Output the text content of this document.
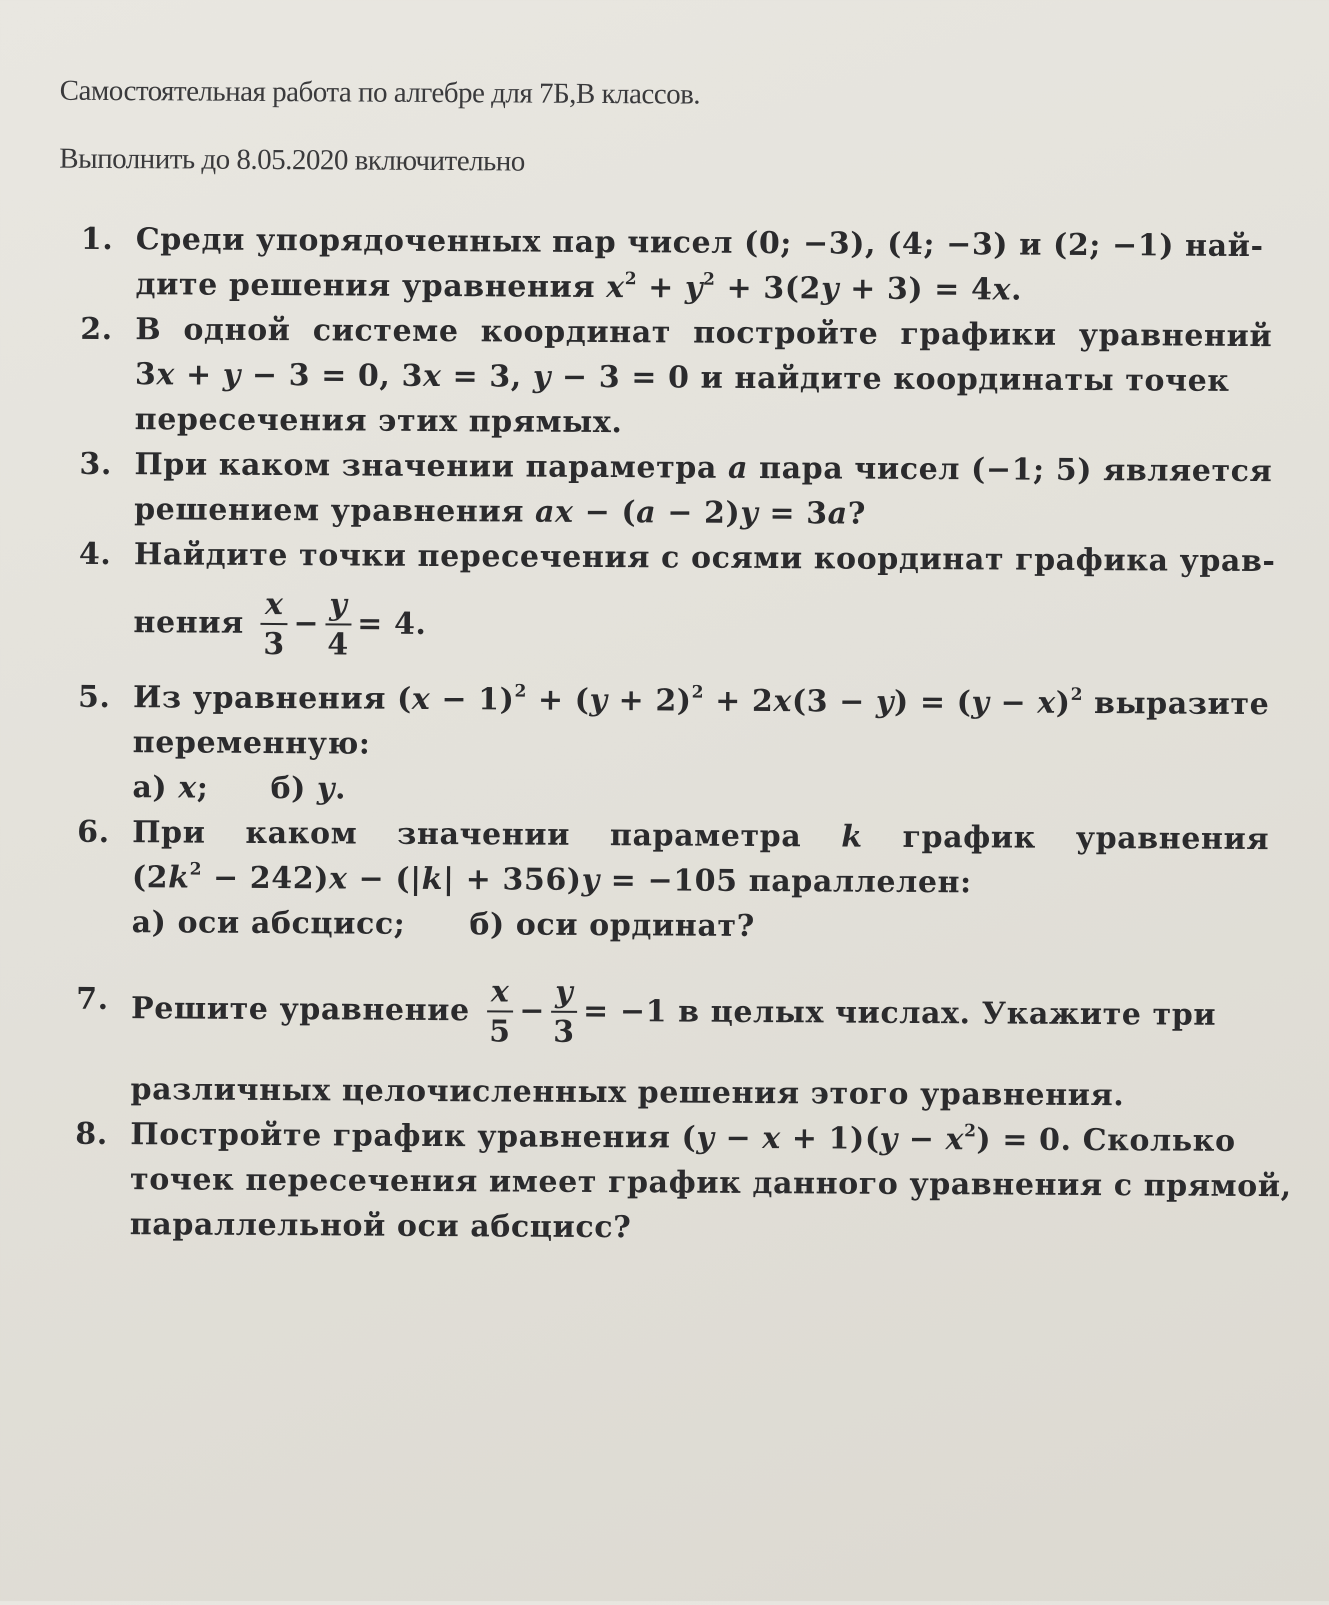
Самостоятельная работа по алгебре для 7Б,В классов.
Выполнить до 8.05.2020 включительно
1. Среди упорядоченных пар чисел (0; −3), (4; −3) и (2; −1) най-
дите решения уравнения $x^2 + y^2 + 3(2y + 3) = 4x$.
2. В одной системе координат постройте графики уравнений
3x + y − 3 = 0, 3x = 3, y − 3 = 0 и найдите координаты точек
пересечения этих прямых.
3. При каком значении параметра a пара чисел (−1; 5) является
решением уравнения ax − (a − 2)y = 3a?
4. Найдите точки пересечения с осями координат графика урав-
нения $\frac{x}{3} - \frac{y}{4} = 4$.
5. Из уравнения $(x - 1)^2 + (y + 2)^2 + 2x(3 - y) = (y - x)^2$ выразите
переменную:
а) x; б) y.
6. При каком значении параметра k график уравнения
$(2k^2 - 242)x - (|k| + 356)y = -105$ параллелен:
а) оси абсцисс; б) оси ординат?
7. Решите уравнение $\frac{x}{5} - \frac{y}{3} = -1$ в целых числах. Укажите три
различных целочисленных решения этого уравнения.
8. Постройте график уравнения $(y - x + 1)(y - x^2) = 0$. Сколько
точек пересечения имеет график данного уравнения с прямой,
параллельной оси абсцисс?
